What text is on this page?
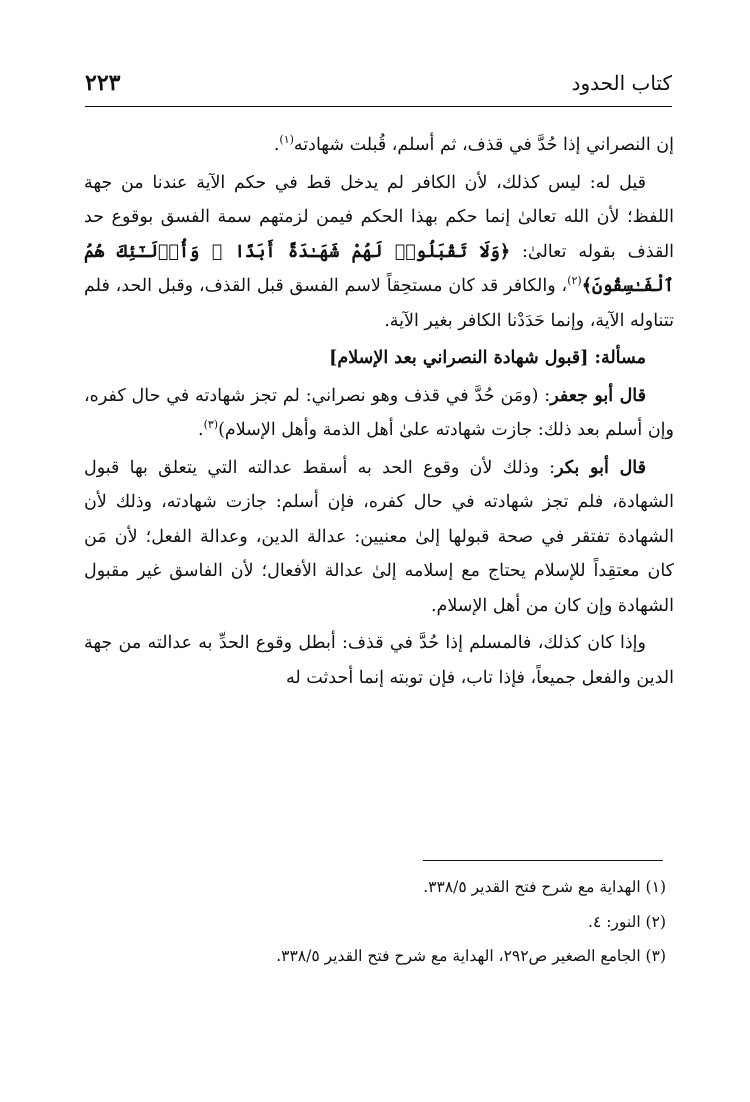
كتاب الحدود
٢٢٣

إن النصراني إذا حُدَّ في قذف، ثم أسلم، قُبلت شهادته$^{(١)}$.

قيل له: ليس كذلك، لأن الكافر لم يدخل قط في حكم الآية عندنا من جهة اللفظ؛ لأن الله تعالىٰ إنما حكم بهذا الحكم فيمن لزمتهم سمة الفسق بوقوع حد القذف بقوله تعالىٰ: ﴿وَلَا تَقْبَلُوا۟ لَهُمْ شَهَـٰدَةً أَبَدًا ۚ وَأُو۟لَـٰٓئِكَ هُمُ ٱلْفَـٰسِقُونَ﴾$^{(٢)}$، والكافر قد كان مستحِقاً لاسم الفسق قبل القذف، وقبل الحد، فلم تتناوله الآية، وإنما حَدَدْنا الكافر بغير الآية.

مسألة: [قبول شهادة النصراني بعد الإسلام]

قال أبو جعفر: (ومَن حُدَّ في قذف وهو نصراني: لم تجز شهادته في حال كفره، وإن أسلم بعد ذلك: جازت شهادته علىٰ أهل الذمة وأهل الإسلام)$^{(٣)}$.

قال أبو بكر: وذلك لأن وقوع الحد به أسقط عدالته التي يتعلق بها قبول الشهادة، فلم تجز شهادته في حال كفره، فإن أسلم: جازت شهادته، وذلك لأن الشهادة تفتقر في صحة قبولها إلىٰ معنيين: عدالة الدين، وعدالة الفعل؛ لأن مَن كان معتقِداً للإسلام يحتاج مع إسلامه إلىٰ عدالة الأفعال؛ لأن الفاسق غير مقبول الشهادة وإن كان من أهل الإسلام.

وإذا كان كذلك، فالمسلم إذا حُدَّ في قذف: أبطل وقوع الحدِّ به عدالته من جهة الدين والفعل جميعاً، فإذا تاب، فإن توبته إنما أحدثت له

(١) الهداية مع شرح فتح القدير ٣٣٨/٥.

(٢) النور: ٤.

(٣) الجامع الصغير ص٢٩٢، الهداية مع شرح فتح القدير ٣٣٨/٥.
